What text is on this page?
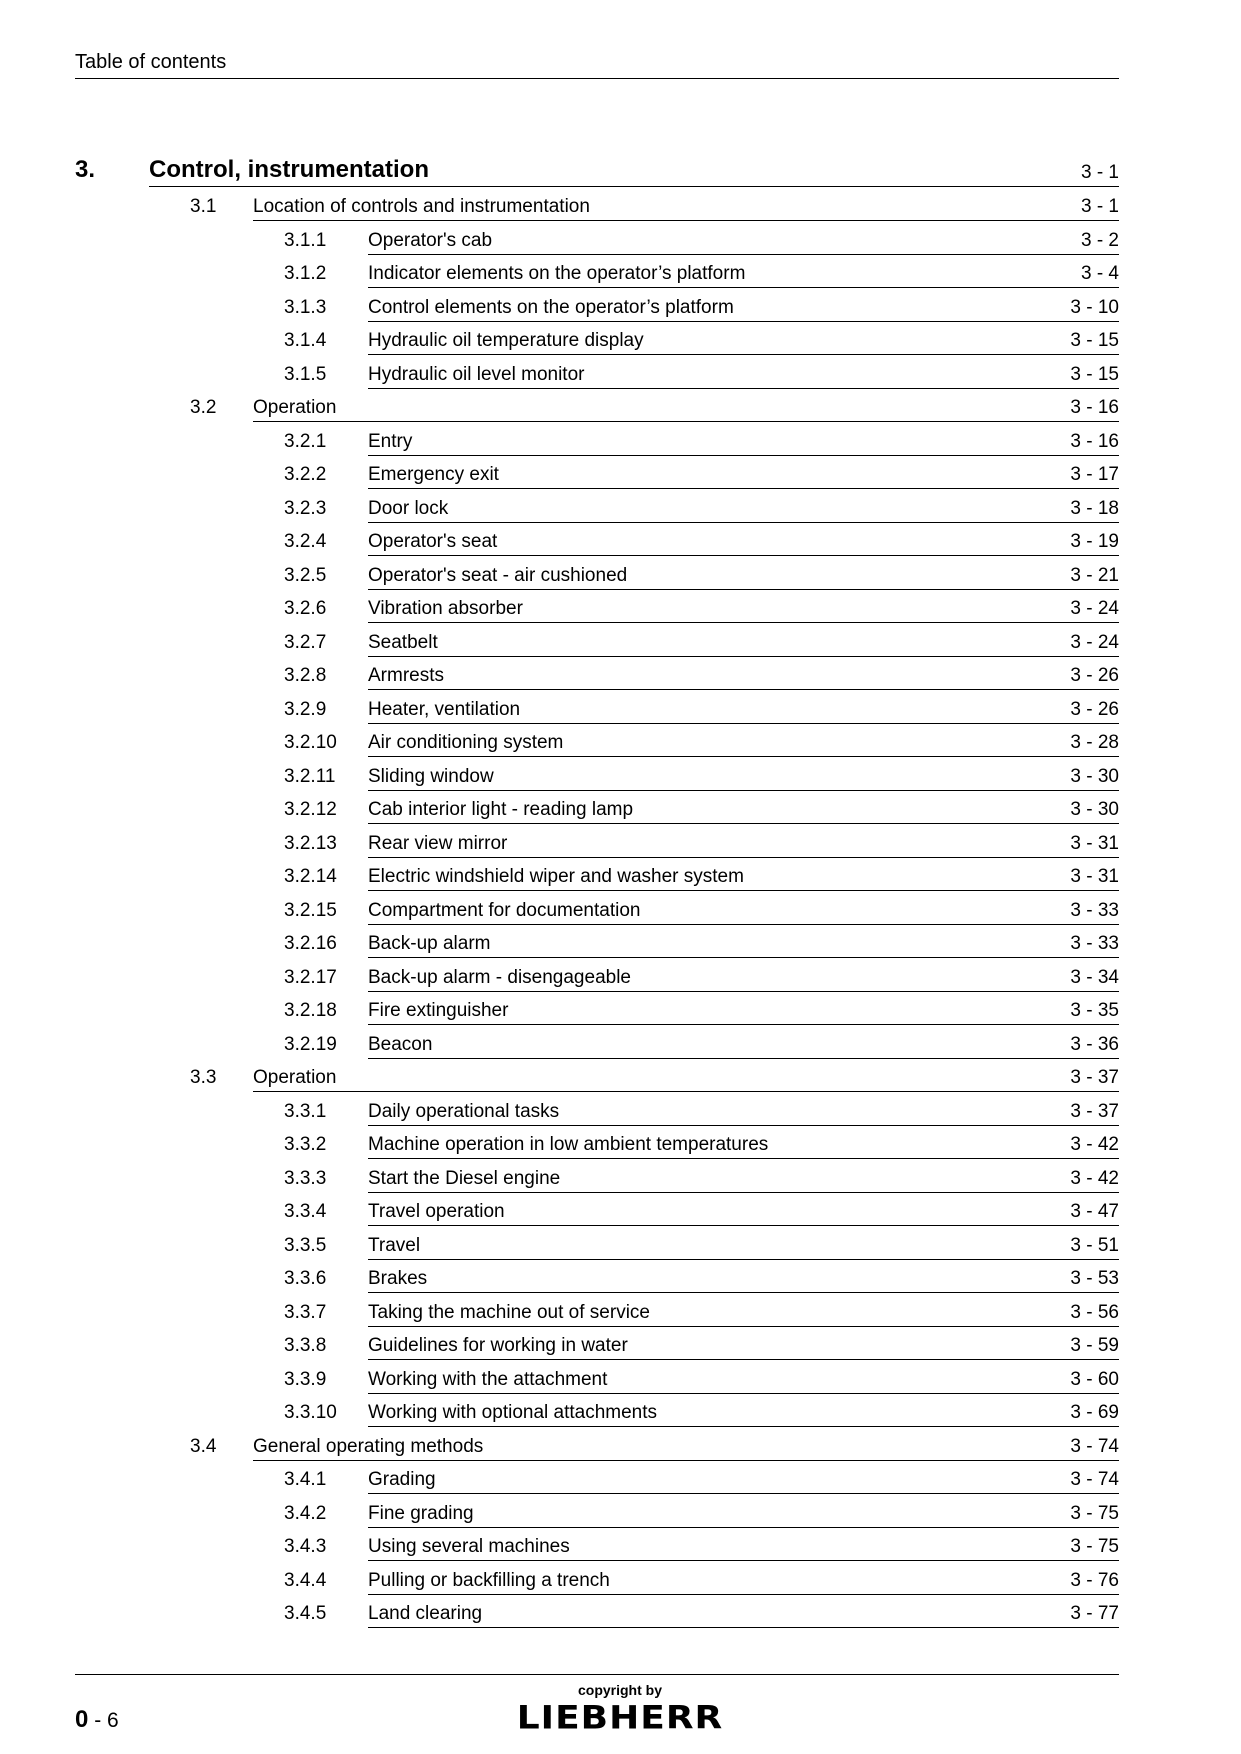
Table of contents
3. Control, instrumentation	3 - 1
3.1 Location of controls and instrumentation	3 - 1
3.1.1 Operator's cab	3 - 2
3.1.2 Indicator elements on the operator’s platform	3 - 4
3.1.3 Control elements on the operator’s platform	3 - 10
3.1.4 Hydraulic oil temperature display	3 - 15
3.1.5 Hydraulic oil level monitor	3 - 15
3.2 Operation	3 - 16
3.2.1 Entry	3 - 16
3.2.2 Emergency exit	3 - 17
3.2.3 Door lock	3 - 18
3.2.4 Operator's seat	3 - 19
3.2.5 Operator's seat - air cushioned	3 - 21
3.2.6 Vibration absorber	3 - 24
3.2.7 Seatbelt	3 - 24
3.2.8 Armrests	3 - 26
3.2.9 Heater, ventilation	3 - 26
3.2.10 Air conditioning system	3 - 28
3.2.11 Sliding window	3 - 30
3.2.12 Cab interior light - reading lamp	3 - 30
3.2.13 Rear view mirror	3 - 31
3.2.14 Electric windshield wiper and washer system	3 - 31
3.2.15 Compartment for documentation	3 - 33
3.2.16 Back-up alarm	3 - 33
3.2.17 Back-up alarm - disengageable	3 - 34
3.2.18 Fire extinguisher	3 - 35
3.2.19 Beacon	3 - 36
3.3 Operation	3 - 37
3.3.1 Daily operational tasks	3 - 37
3.3.2 Machine operation in low ambient temperatures	3 - 42
3.3.3 Start the Diesel engine	3 - 42
3.3.4 Travel operation	3 - 47
3.3.5 Travel	3 - 51
3.3.6 Brakes	3 - 53
3.3.7 Taking the machine out of service	3 - 56
3.3.8 Guidelines for working in water	3 - 59
3.3.9 Working with the attachment	3 - 60
3.3.10 Working with optional attachments	3 - 69
3.4 General operating methods	3 - 74
3.4.1 Grading	3 - 74
3.4.2 Fine grading	3 - 75
3.4.3 Using several machines	3 - 75
3.4.4 Pulling or backfilling a trench	3 - 76
3.4.5 Land clearing	3 - 77
0 - 6
copyright by
LIEBHERR
